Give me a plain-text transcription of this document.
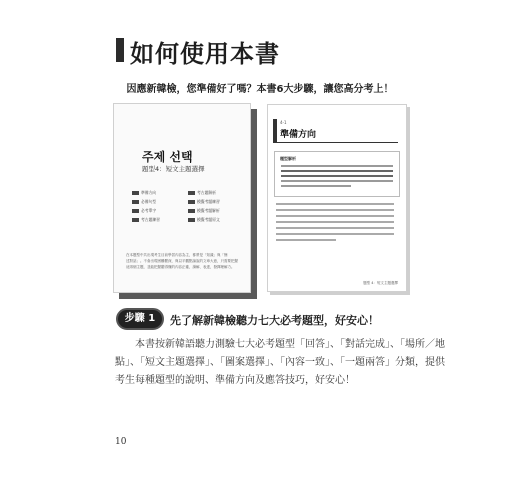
如何使用本書
因應新韓檢，您準備好了嗎？本書6大步驟，讓您高分考上！
주제 선택
題型4：短文主題選擇
準備方向
必備句型
必考單字
考古題練習
考古題解析
模擬考題練習
模擬考題解析
模擬考題原文
在本題型中共出現考生目前學習內容為主，都將是「知識」與「簡
述對話」。不會出現困難艱深，與以平觀點論說的文章大意，只需要把握
這兩個主題，並能把握聽得懂的內容正確，讀解、表達，發揮理解力。
4-1
準備方向
題型解析
題型 4：短文主題選擇
步驟 1	先了解新韓檢聽力七大必考題型，好安心！
本書按新韓語聽力測驗七大必考題型「回答」、「對話完成」、「場所／地
點」、「短文主題選擇」、「圖案選擇」、「內容一致」、「一題兩答」分類，提供
考生每種題型的說明、準備方向及應答技巧，好安心！
10
